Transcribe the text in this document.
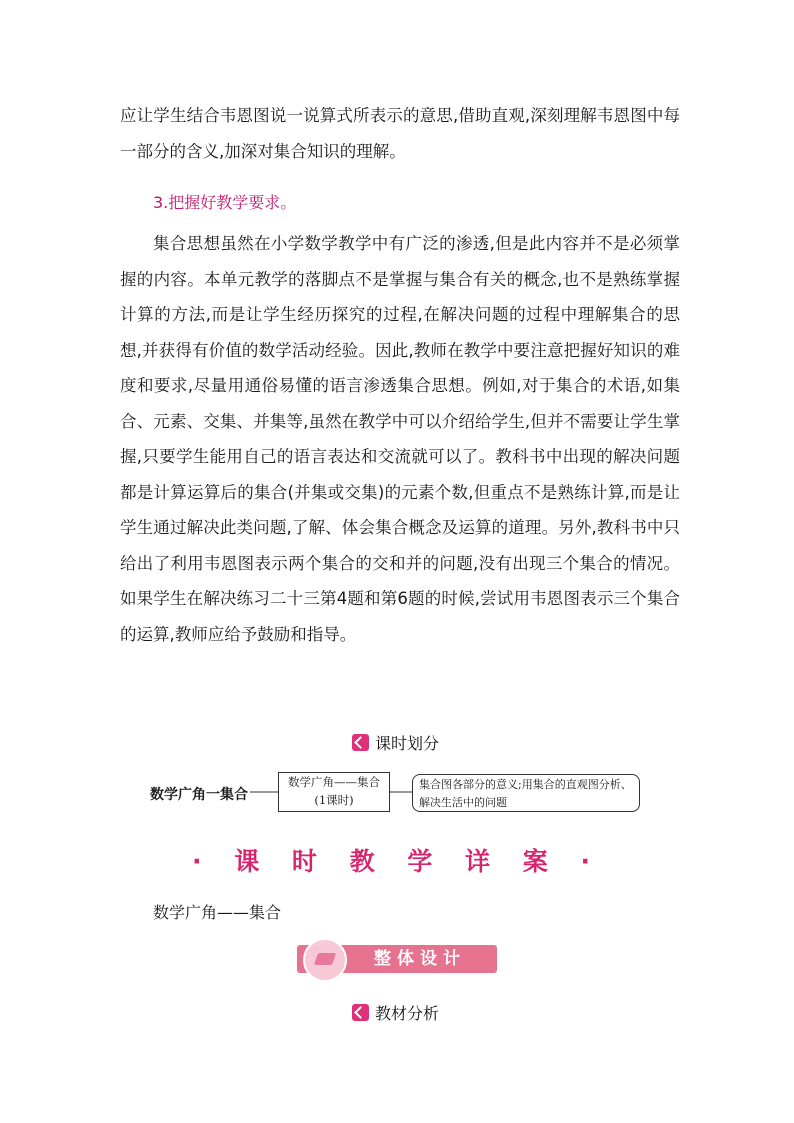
应让学生结合韦恩图说一说算式所表示的意思,借助直观,深刻理解韦恩图中每一部分的含义,加深对集合知识的理解。

3.把握好教学要求。

集合思想虽然在小学数学教学中有广泛的渗透,但是此内容并不是必须掌握的内容。本单元教学的落脚点不是掌握与集合有关的概念,也不是熟练掌握计算的方法,而是让学生经历探究的过程,在解决问题的过程中理解集合的思想,并获得有价值的数学活动经验。因此,教师在教学中要注意把握好知识的难度和要求,尽量用通俗易懂的语言渗透集合思想。例如,对于集合的术语,如集合、元素、交集、并集等,虽然在教学中可以介绍给学生,但并不需要让学生掌握,只要学生能用自己的语言表达和交流就可以了。教科书中出现的解决问题都是计算运算后的集合(并集或交集)的元素个数,但重点不是熟练计算,而是让学生通过解决此类问题,了解、体会集合概念及运算的道理。另外,教科书中只给出了利用韦恩图表示两个集合的交和并的问题,没有出现三个集合的情况。如果学生在解决练习二十三第4题和第6题的时候,尝试用韦恩图表示三个集合的运算,教师应给予鼓励和指导。

课时划分
数学广角一集合
数学广角——集合
(1课时)
集合图各部分的意义;用集合的直观图分析、解决生活中的问题
· 课 时 教 学 详 案 ·
数学广角——集合
整体设计
教材分析
